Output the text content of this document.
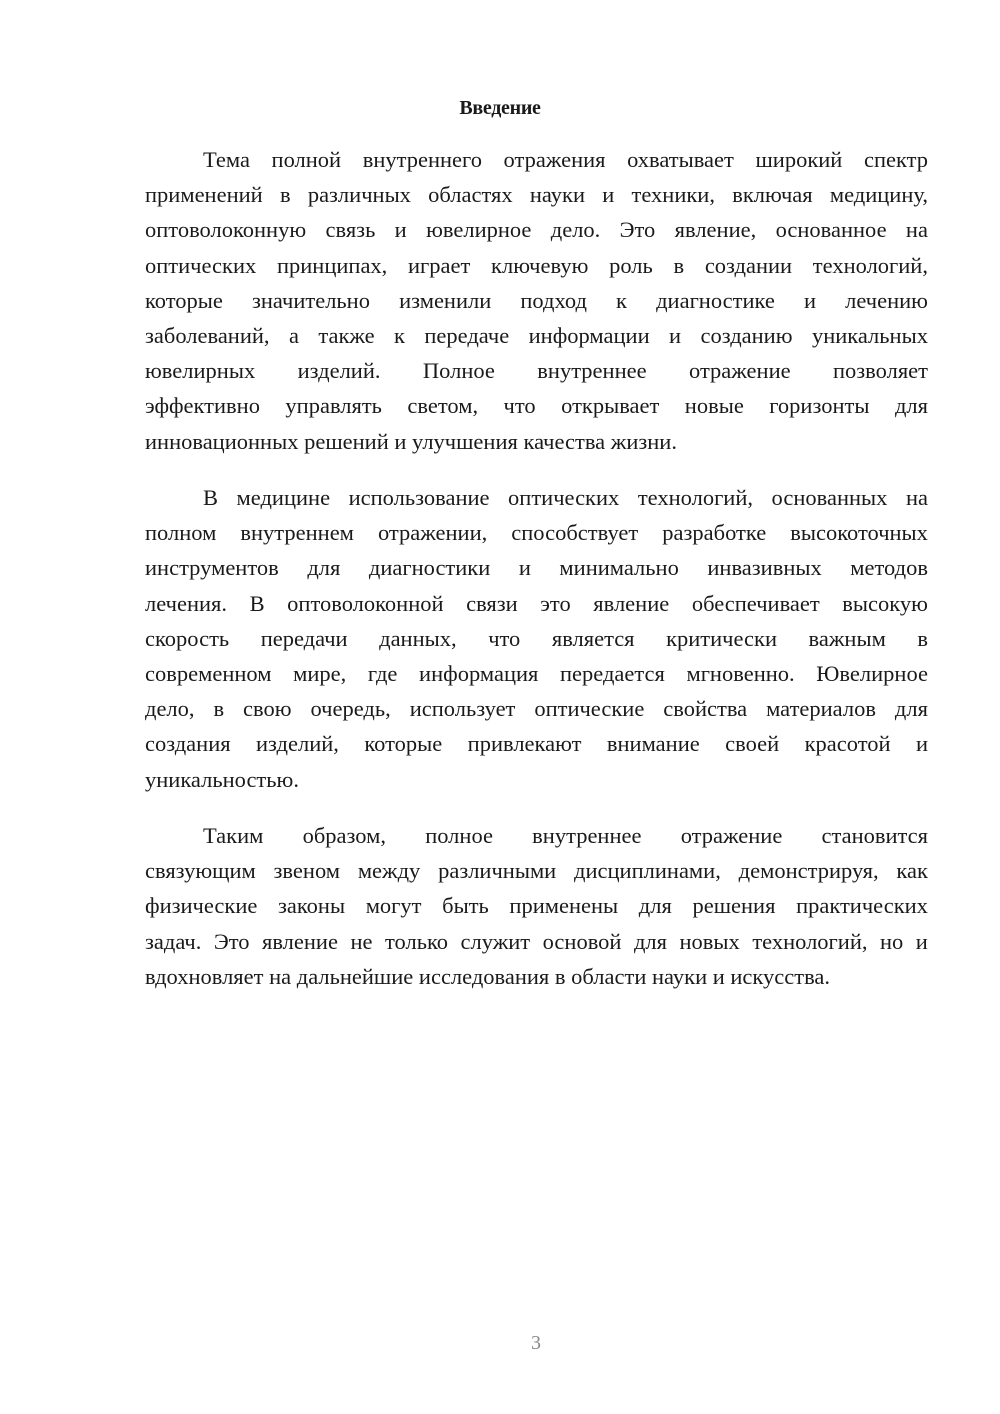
Введение
Тема полной внутреннего отражения охватывает широкий спектр
применений в различных областях науки и техники, включая медицину,
оптоволоконную связь и ювелирное дело. Это явление, основанное на
оптических принципах, играет ключевую роль в создании технологий,
которые значительно изменили подход к диагностике и лечению
заболеваний, а также к передаче информации и созданию уникальных
ювелирных изделий. Полное внутреннее отражение позволяет
эффективно управлять светом, что открывает новые горизонты для
инновационных решений и улучшения качества жизни.
В медицине использование оптических технологий, основанных на
полном внутреннем отражении, способствует разработке высокоточных
инструментов для диагностики и минимально инвазивных методов
лечения. В оптоволоконной связи это явление обеспечивает высокую
скорость передачи данных, что является критически важным в
современном мире, где информация передается мгновенно. Ювелирное
дело, в свою очередь, использует оптические свойства материалов для
создания изделий, которые привлекают внимание своей красотой и
уникальностью.
Таким образом, полное внутреннее отражение становится
связующим звеном между различными дисциплинами, демонстрируя, как
физические законы могут быть применены для решения практических
задач. Это явление не только служит основой для новых технологий, но и
вдохновляет на дальнейшие исследования в области науки и искусства.
3
